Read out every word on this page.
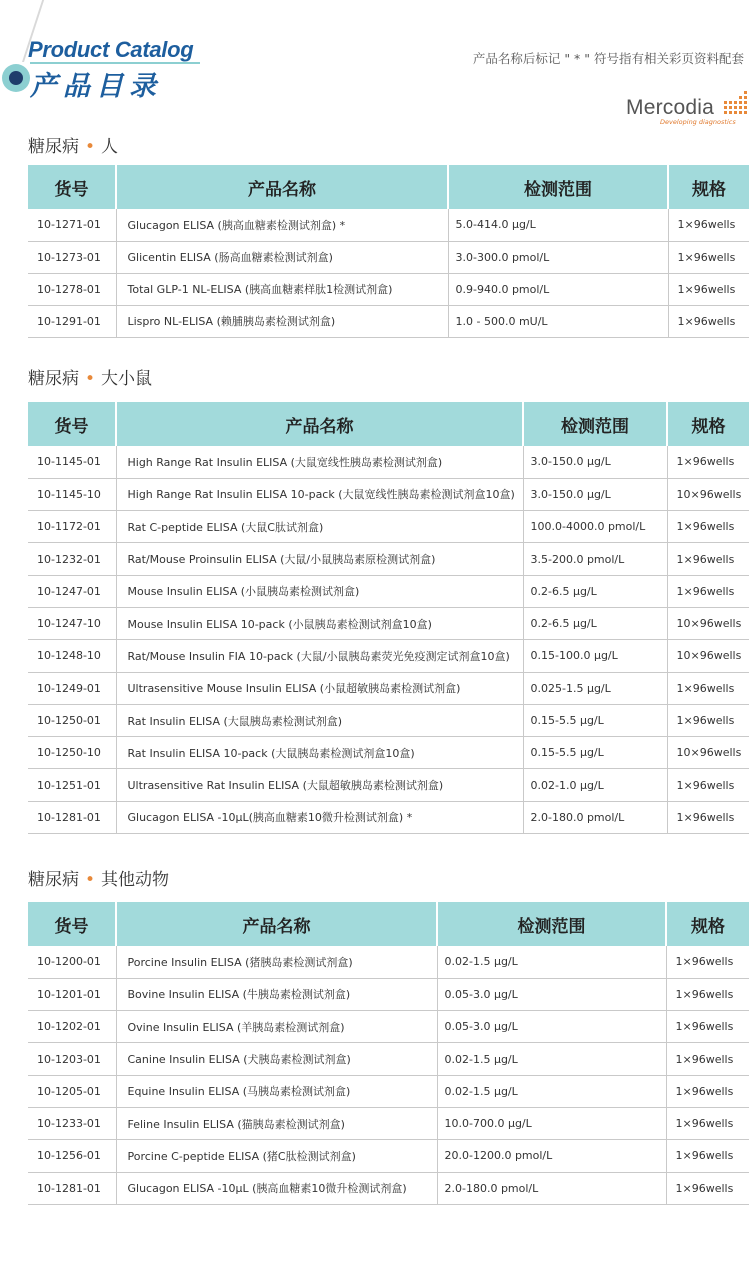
Product Catalog
产品目录
产品名称后标记 " * " 符号指有相关彩页资料配套
Mercodia
Developing diagnostics
糖尿病 • 人
货号	产品名称	检测范围	规格
10-1271-01	Glucagon ELISA (胰高血糖素检测试剂盒) *	5.0-414.0 μg/L	1×96wells
10-1273-01	Glicentin ELISA (肠高血糖素检测试剂盒)	3.0-300.0 pmol/L	1×96wells
10-1278-01	Total GLP-1 NL-ELISA (胰高血糖素样肽1检测试剂盒)	0.9-940.0 pmol/L	1×96wells
10-1291-01	Lispro NL-ELISA (赖脯胰岛素检测试剂盒)	1.0 - 500.0 mU/L	1×96wells
糖尿病 • 大小鼠
货号	产品名称	检测范围	规格
10-1145-01	High Range Rat Insulin ELISA (大鼠宽线性胰岛素检测试剂盒)	3.0-150.0 μg/L	1×96wells
10-1145-10	High Range Rat Insulin ELISA 10-pack (大鼠宽线性胰岛素检测试剂盒10盒)	3.0-150.0 μg/L	10×96wells
10-1172-01	Rat C-peptide ELISA (大鼠C肽试剂盒)	100.0-4000.0 pmol/L	1×96wells
10-1232-01	Rat/Mouse Proinsulin ELISA (大鼠/小鼠胰岛素原检测试剂盒)	3.5-200.0 pmol/L	1×96wells
10-1247-01	Mouse Insulin ELISA (小鼠胰岛素检测试剂盒)	0.2-6.5 μg/L	1×96wells
10-1247-10	Mouse Insulin ELISA 10-pack (小鼠胰岛素检测试剂盒10盒)	0.2-6.5 μg/L	10×96wells
10-1248-10	Rat/Mouse Insulin FIA 10-pack (大鼠/小鼠胰岛素荧光免疫测定试剂盒10盒)	0.15-100.0 μg/L	10×96wells
10-1249-01	Ultrasensitive Mouse Insulin ELISA (小鼠超敏胰岛素检测试剂盒)	0.025-1.5 μg/L	1×96wells
10-1250-01	Rat Insulin ELISA (大鼠胰岛素检测试剂盒)	0.15-5.5 μg/L	1×96wells
10-1250-10	Rat Insulin ELISA 10-pack (大鼠胰岛素检测试剂盒10盒)	0.15-5.5 μg/L	10×96wells
10-1251-01	Ultrasensitive Rat Insulin ELISA (大鼠超敏胰岛素检测试剂盒)	0.02-1.0 μg/L	1×96wells
10-1281-01	Glucagon ELISA -10μL(胰高血糖素10微升检测试剂盒) *	2.0-180.0 pmol/L	1×96wells
糖尿病 • 其他动物
货号	产品名称	检测范围	规格
10-1200-01	Porcine Insulin ELISA (猪胰岛素检测试剂盒)	0.02-1.5 μg/L	1×96wells
10-1201-01	Bovine Insulin ELISA (牛胰岛素检测试剂盒)	0.05-3.0 μg/L	1×96wells
10-1202-01	Ovine Insulin ELISA (羊胰岛素检测试剂盒)	0.05-3.0 μg/L	1×96wells
10-1203-01	Canine Insulin ELISA (犬胰岛素检测试剂盒)	0.02-1.5 μg/L	1×96wells
10-1205-01	Equine Insulin ELISA (马胰岛素检测试剂盒)	0.02-1.5 μg/L	1×96wells
10-1233-01	Feline Insulin ELISA (猫胰岛素检测试剂盒)	10.0-700.0 μg/L	1×96wells
10-1256-01	Porcine C-peptide ELISA (猪C肽检测试剂盒)	20.0-1200.0 pmol/L	1×96wells
10-1281-01	Glucagon ELISA -10μL (胰高血糖素10微升检测试剂盒)	2.0-180.0 pmol/L	1×96wells
